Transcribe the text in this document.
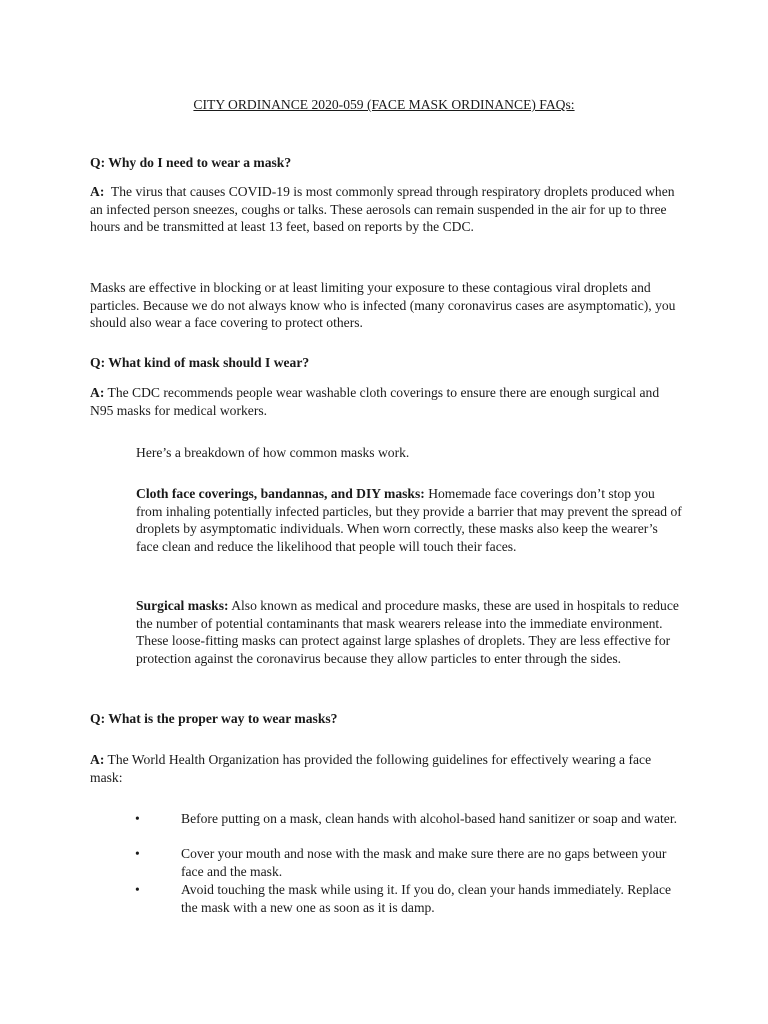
CITY ORDINANCE 2020-059 (FACE MASK ORDINANCE) FAQs:
Q: Why do I need to wear a mask?
A: The virus that causes COVID-19 is most commonly spread through respiratory droplets produced when an infected person sneezes, coughs or talks. These aerosols can remain suspended in the air for up to three hours and be transmitted at least 13 feet, based on reports by the CDC.
Masks are effective in blocking or at least limiting your exposure to these contagious viral droplets and particles. Because we do not always know who is infected (many coronavirus cases are asymptomatic), you should also wear a face covering to protect others.
Q: What kind of mask should I wear?
A: The CDC recommends people wear washable cloth coverings to ensure there are enough surgical and N95 masks for medical workers.
Here’s a breakdown of how common masks work.
Cloth face coverings, bandannas, and DIY masks: Homemade face coverings don’t stop you from inhaling potentially infected particles, but they provide a barrier that may prevent the spread of droplets by asymptomatic individuals. When worn correctly, these masks also keep the wearer’s face clean and reduce the likelihood that people will touch their faces.
Surgical masks: Also known as medical and procedure masks, these are used in hospitals to reduce the number of potential contaminants that mask wearers release into the immediate environment. These loose-fitting masks can protect against large splashes of droplets. They are less effective for protection against the coronavirus because they allow particles to enter through the sides.
Q: What is the proper way to wear masks?
A: The World Health Organization has provided the following guidelines for effectively wearing a face mask:
•	Before putting on a mask, clean hands with alcohol-based hand sanitizer or soap and water.
•	Cover your mouth and nose with the mask and make sure there are no gaps between your face and the mask.
•	Avoid touching the mask while using it. If you do, clean your hands immediately. Replace the mask with a new one as soon as it is damp.
